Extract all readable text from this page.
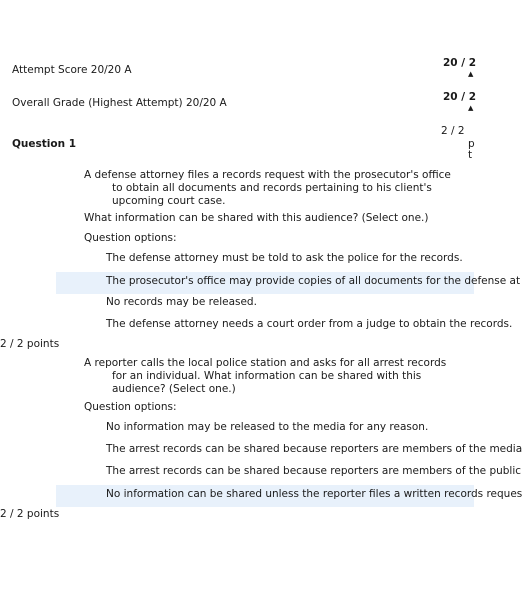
Attempt Score 20/20 A
20 / 2
▲
Overall Grade (Highest Attempt) 20/20 A	20 / 2
▲
Question 1
2 / 2
p
t
A defense attorney files a records request with the prosecutor's office
to obtain all documents and records pertaining to his client's
upcoming court case.
What information can be shared with this audience? (Select one.)
Question options:
The defense attorney must be told to ask the police for the records.
The prosecutor's office may provide copies of all documents for the defense at
No records may be released.
The defense attorney needs a court order from a judge to obtain the records.
2 / 2 points
A reporter calls the local police station and asks for all arrest records
for an individual. What information can be shared with this
audience? (Select one.)
Question options:
No information may be released to the media for any reason.
The arrest records can be shared because reporters are members of the media
The arrest records can be shared because reporters are members of the public
No information can be shared unless the reporter files a written records reques
2 / 2 points
